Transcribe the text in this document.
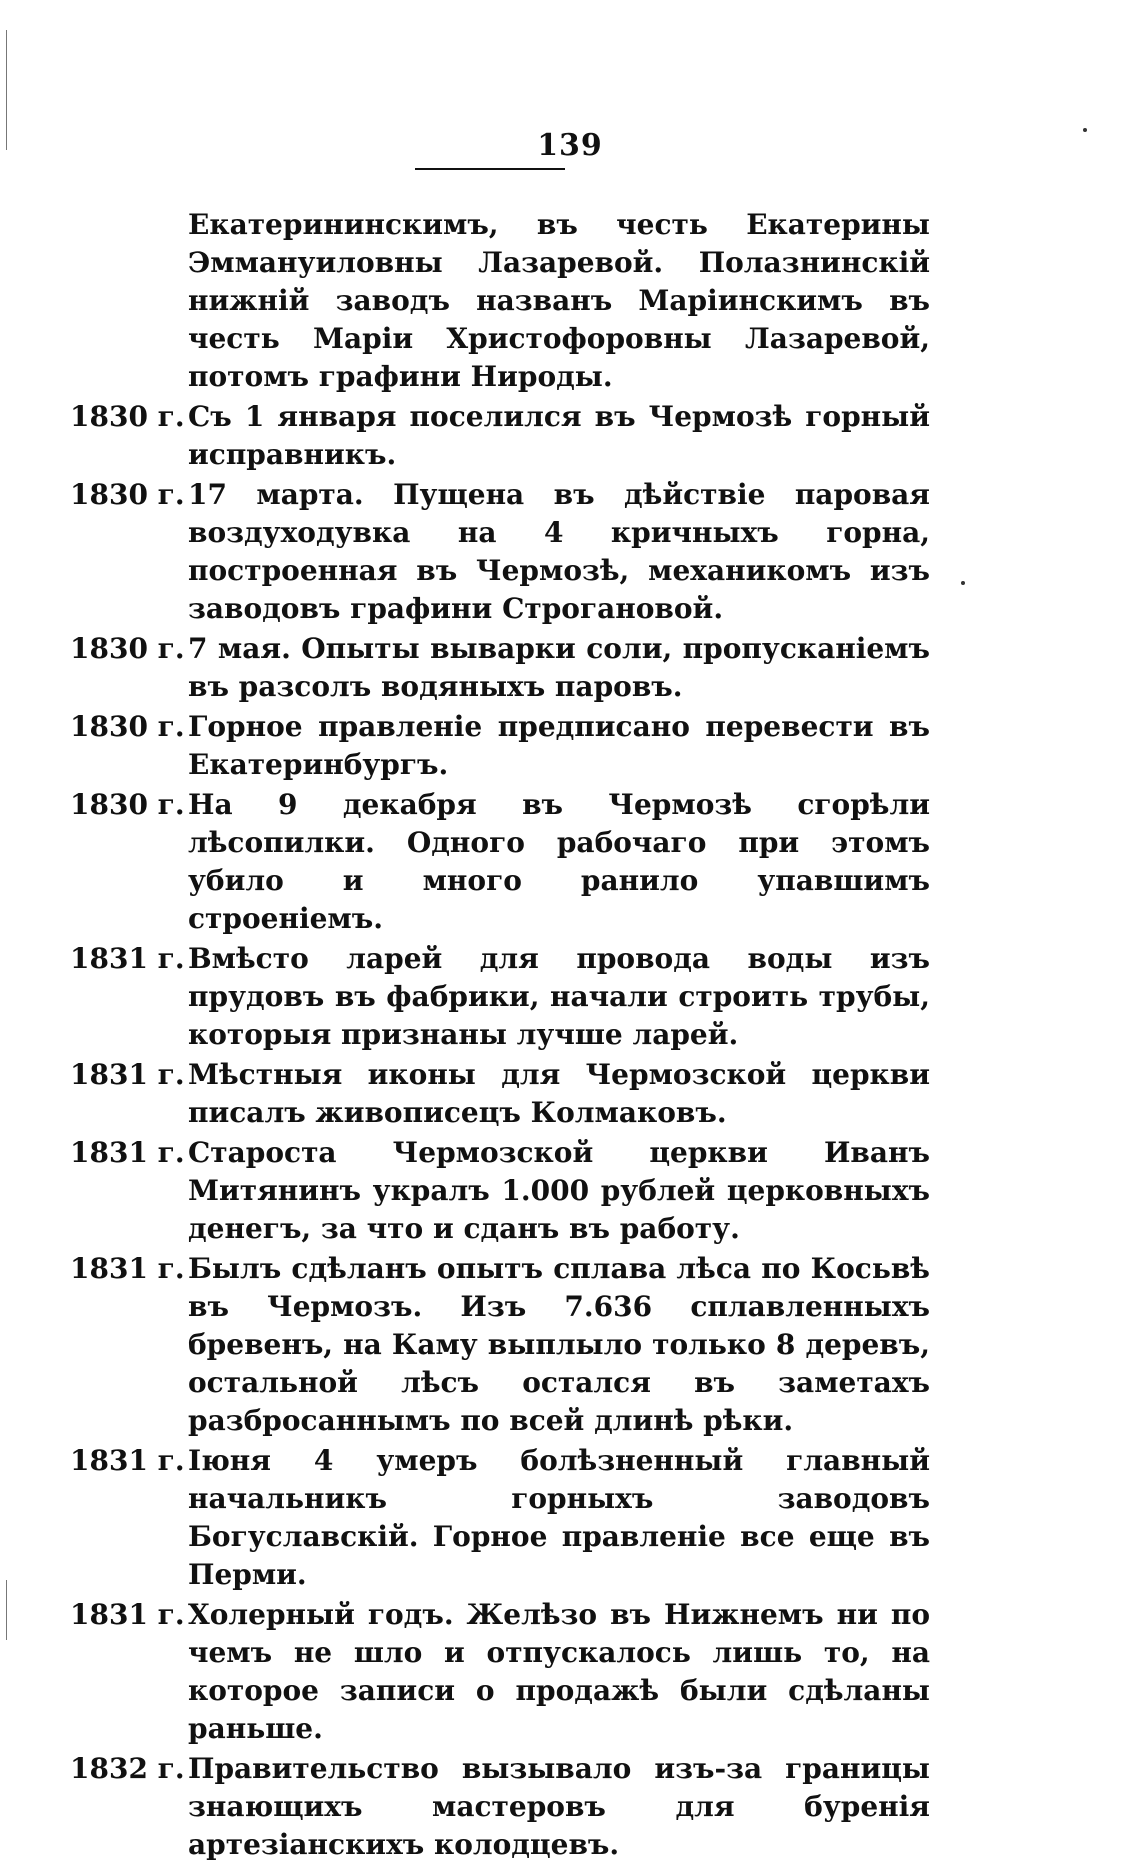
139
Екатерининскимъ, въ честь Екатерины Эммануиловны Лазаревой. Полазнинскій нижній заводъ названъ Маріинскимъ въ честь Маріи Христофоровны Лазаревой, потомъ графини Нироды.
1830 г. Съ 1 января поселился въ Чермозѣ горный исправникъ.
1830 г. 17 марта. Пущена въ дѣйствіе паровая воздуходувка на 4 кричныхъ горна, построенная въ Чермозѣ, механикомъ изъ заводовъ графини Строгановой.
1830 г. 7 мая. Опыты выварки соли, пропусканіемъ въ разсолъ водяныхъ паровъ.
1830 г. Горное правленіе предписано перевести въ Екатеринбургъ.
1830 г. На 9 декабря въ Чермозѣ сгорѣли лѣсопилки. Одного рабочаго при этомъ убило и много ранило упавшимъ строеніемъ.
1831 г. Вмѣсто ларей для провода воды изъ прудовъ въ фабрики, начали строить трубы, которыя признаны лучше ларей.
1831 г. Мѣстныя иконы для Чермозской церкви писалъ живописецъ Колмаковъ.
1831 г. Староста Чермозской церкви Иванъ Митянинъ укралъ 1.000 рублей церковныхъ денегъ, за что и сданъ въ работу.
1831 г. Былъ сдѣланъ опытъ сплава лѣса по Косьвѣ въ Чермозъ. Изъ 7.636 сплавленныхъ бревенъ, на Каму выплыло только 8 деревъ, остальной лѣсъ остался въ заметахъ разбросаннымъ по всей длинѣ рѣки.
1831 г. Іюня 4 умеръ болѣзненный главный начальникъ горныхъ заводовъ Богуславскій. Горное правленіе все еще въ Перми.
1831 г. Холерный годъ. Желѣзо въ Нижнемъ ни по чемъ не шло и отпускалось лишь то, на которое записи о продажѣ были сдѣланы раньше.
1832 г. Правительство вызывало изъ-за границы знающихъ мастеровъ для буренія артезіанскихъ колодцевъ.
